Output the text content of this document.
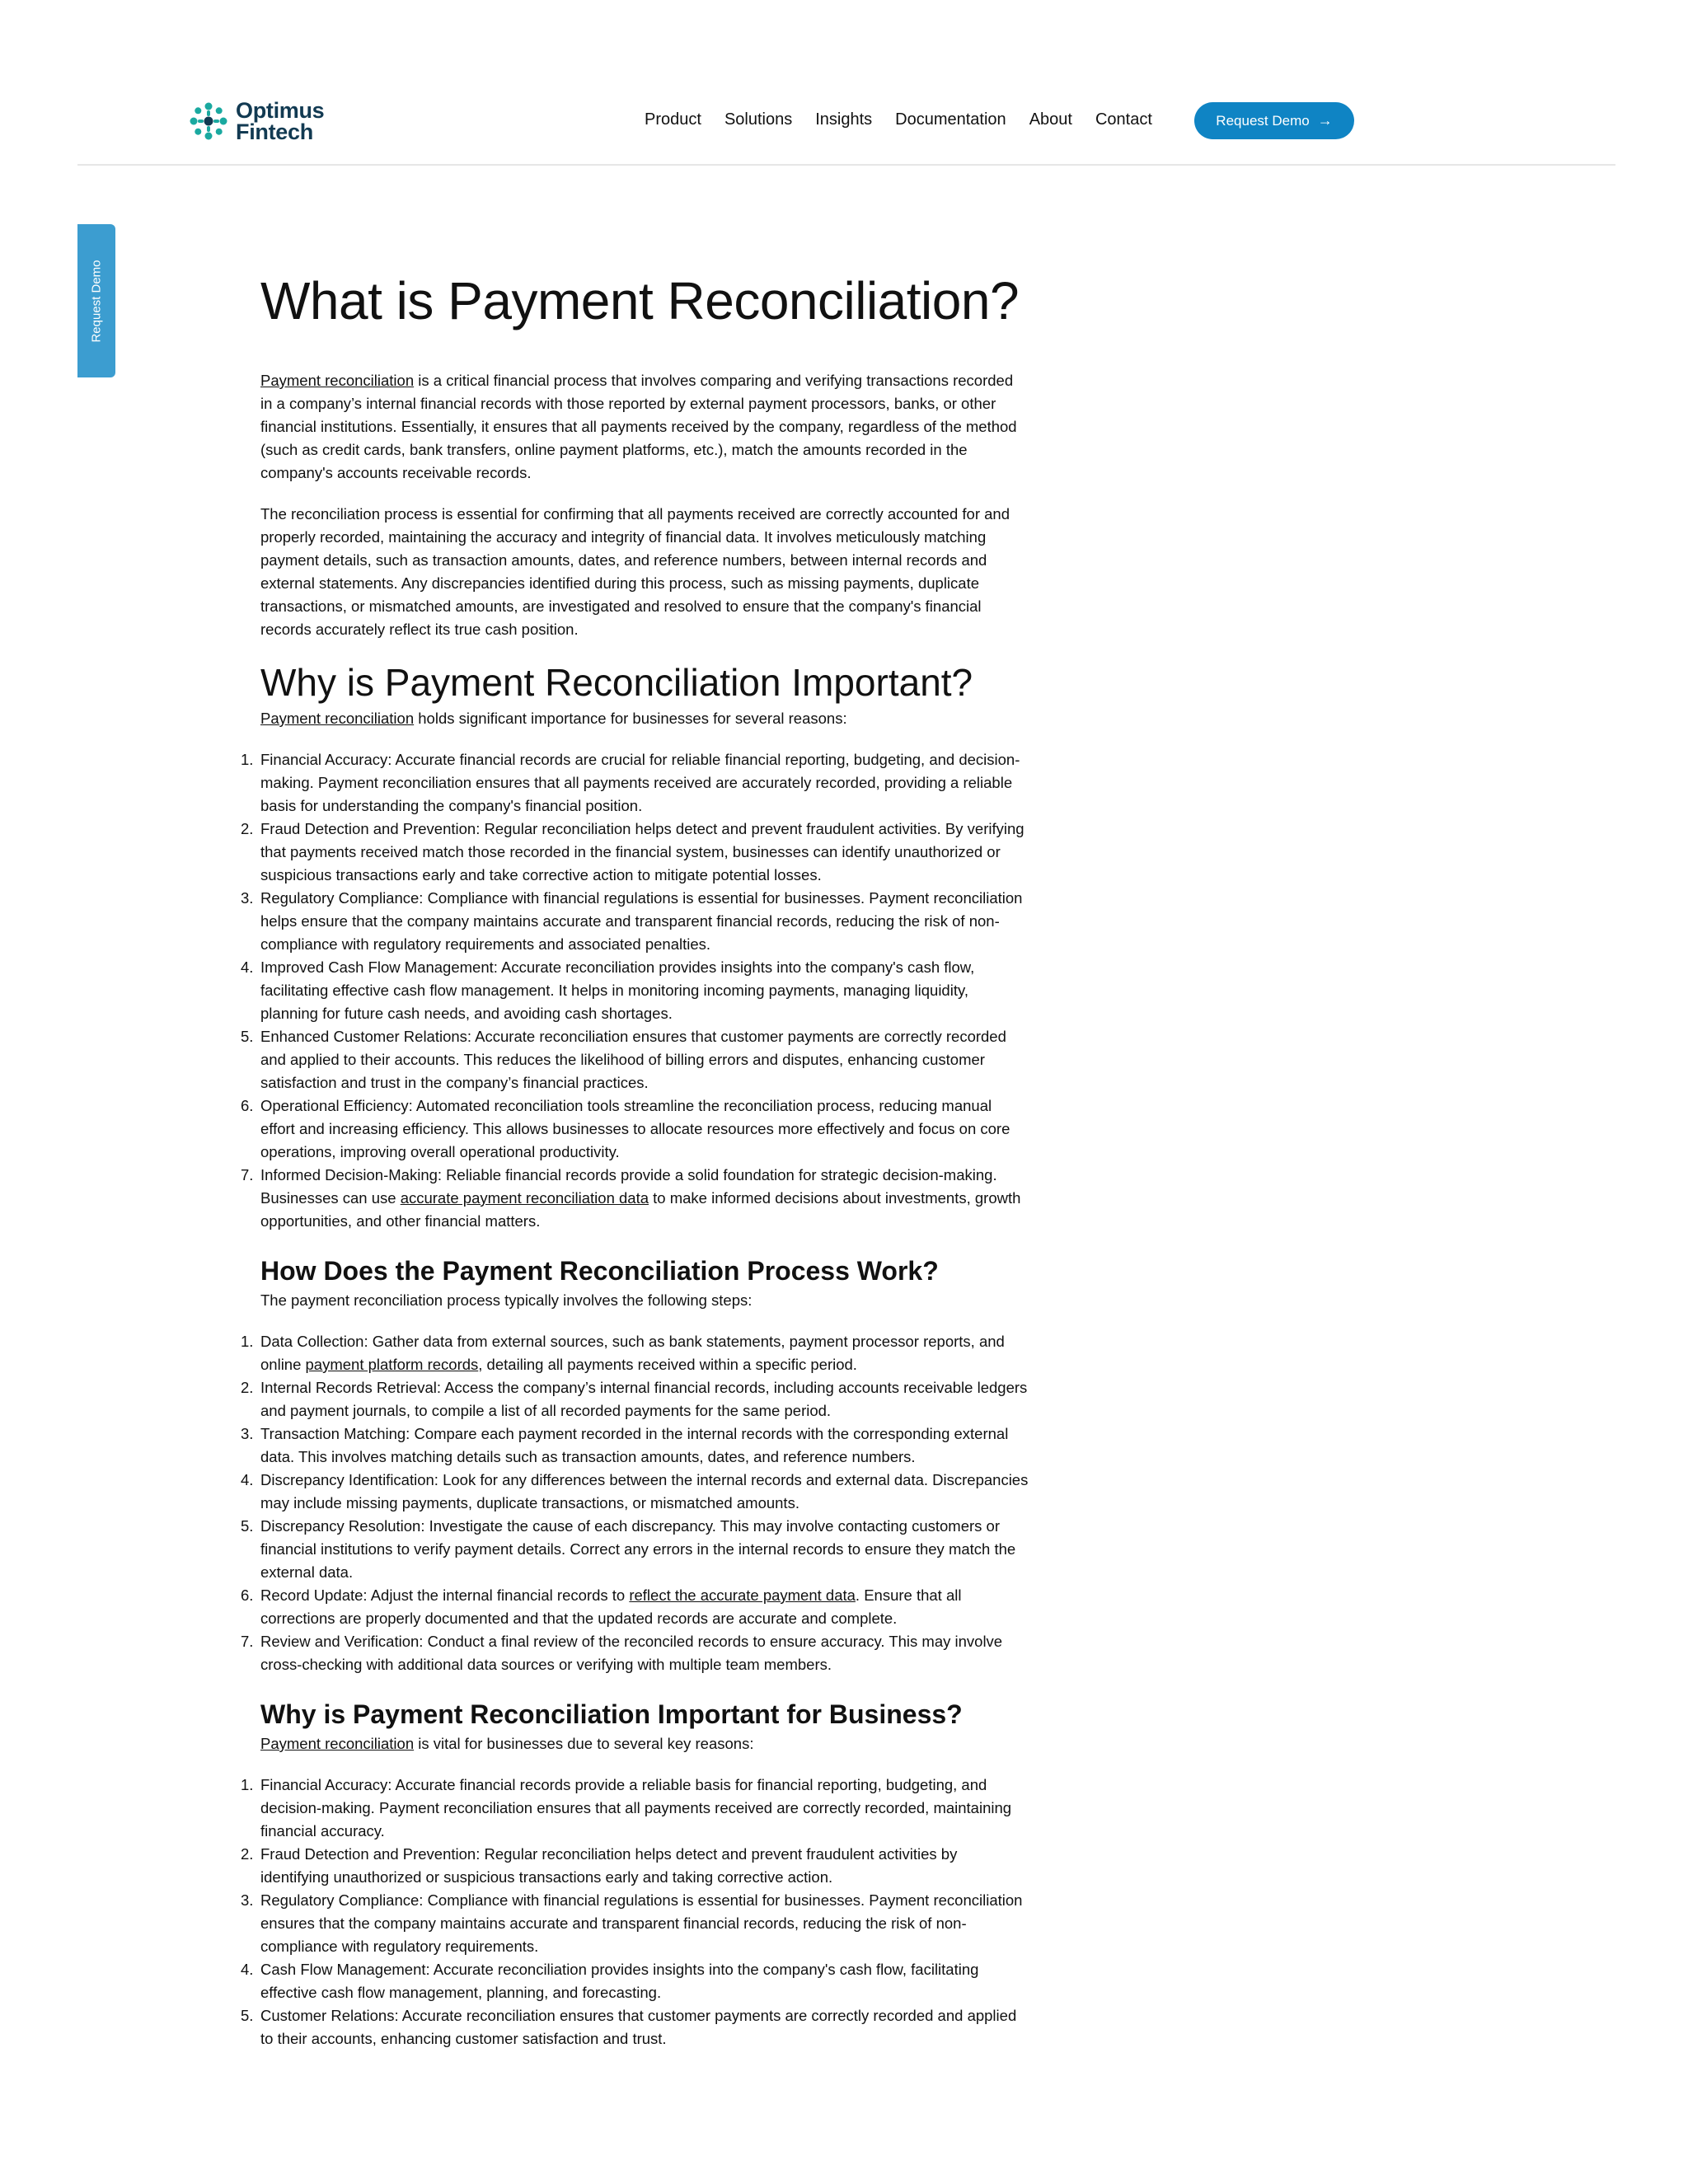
Optimus
Fintech	Product Solutions Insights Documentation About Contact	Request Demo →
Request Demo	What is Payment Reconciliation?

Payment reconciliation is a critical financial process that involves comparing and verifying transactions recorded in a company’s internal financial records with those reported by external payment processors, banks, or other financial institutions. Essentially, it ensures that all payments received by the company, regardless of the method (such as credit cards, bank transfers, online payment platforms, etc.), match the amounts recorded in the company's accounts receivable records.

The reconciliation process is essential for confirming that all payments received are correctly accounted for and properly recorded, maintaining the accuracy and integrity of financial data. It involves meticulously matching payment details, such as transaction amounts, dates, and reference numbers, between internal records and external statements. Any discrepancies identified during this process, such as missing payments, duplicate transactions, or mismatched amounts, are investigated and resolved to ensure that the company's financial records accurately reflect its true cash position.

Why is Payment Reconciliation Important?

Payment reconciliation holds significant importance for businesses for several reasons:

Financial Accuracy: Accurate financial records are crucial for reliable financial reporting, budgeting, and decision-making. Payment reconciliation ensures that all payments received are accurately recorded, providing a reliable basis for understanding the company's financial position.
Fraud Detection and Prevention: Regular reconciliation helps detect and prevent fraudulent activities. By verifying that payments received match those recorded in the financial system, businesses can identify unauthorized or suspicious transactions early and take corrective action to mitigate potential losses.
Regulatory Compliance: Compliance with financial regulations is essential for businesses. Payment reconciliation helps ensure that the company maintains accurate and transparent financial records, reducing the risk of non-compliance with regulatory requirements and associated penalties.
Improved Cash Flow Management: Accurate reconciliation provides insights into the company's cash flow, facilitating effective cash flow management. It helps in monitoring incoming payments, managing liquidity, planning for future cash needs, and avoiding cash shortages.
Enhanced Customer Relations: Accurate reconciliation ensures that customer payments are correctly recorded and applied to their accounts. This reduces the likelihood of billing errors and disputes, enhancing customer satisfaction and trust in the company’s financial practices.
Operational Efficiency: Automated reconciliation tools streamline the reconciliation process, reducing manual effort and increasing efficiency. This allows businesses to allocate resources more effectively and focus on core operations, improving overall operational productivity.
Informed Decision-Making: Reliable financial records provide a solid foundation for strategic decision-making. Businesses can use accurate payment reconciliation data to make informed decisions about investments, growth opportunities, and other financial matters.
How Does the Payment Reconciliation Process Work?

The payment reconciliation process typically involves the following steps:

Data Collection: Gather data from external sources, such as bank statements, payment processor reports, and online payment platform records, detailing all payments received within a specific period.
Internal Records Retrieval: Access the company’s internal financial records, including accounts receivable ledgers and payment journals, to compile a list of all recorded payments for the same period.
Transaction Matching: Compare each payment recorded in the internal records with the corresponding external data. This involves matching details such as transaction amounts, dates, and reference numbers.
Discrepancy Identification: Look for any differences between the internal records and external data. Discrepancies may include missing payments, duplicate transactions, or mismatched amounts.
Discrepancy Resolution: Investigate the cause of each discrepancy. This may involve contacting customers or financial institutions to verify payment details. Correct any errors in the internal records to ensure they match the external data.
Record Update: Adjust the internal financial records to reflect the accurate payment data. Ensure that all corrections are properly documented and that the updated records are accurate and complete.
Review and Verification: Conduct a final review of the reconciled records to ensure accuracy. This may involve cross-checking with additional data sources or verifying with multiple team members.
Why is Payment Reconciliation Important for Business?

Payment reconciliation is vital for businesses due to several key reasons:

Financial Accuracy: Accurate financial records provide a reliable basis for financial reporting, budgeting, and decision-making. Payment reconciliation ensures that all payments received are correctly recorded, maintaining financial accuracy.
Fraud Detection and Prevention: Regular reconciliation helps detect and prevent fraudulent activities by identifying unauthorized or suspicious transactions early and taking corrective action.
Regulatory Compliance: Compliance with financial regulations is essential for businesses. Payment reconciliation ensures that the company maintains accurate and transparent financial records, reducing the risk of non-compliance with regulatory requirements.
Cash Flow Management: Accurate reconciliation provides insights into the company's cash flow, facilitating effective cash flow management, planning, and forecasting.
Customer Relations: Accurate reconciliation ensures that customer payments are correctly recorded and applied to their accounts, enhancing customer satisfaction and trust.
